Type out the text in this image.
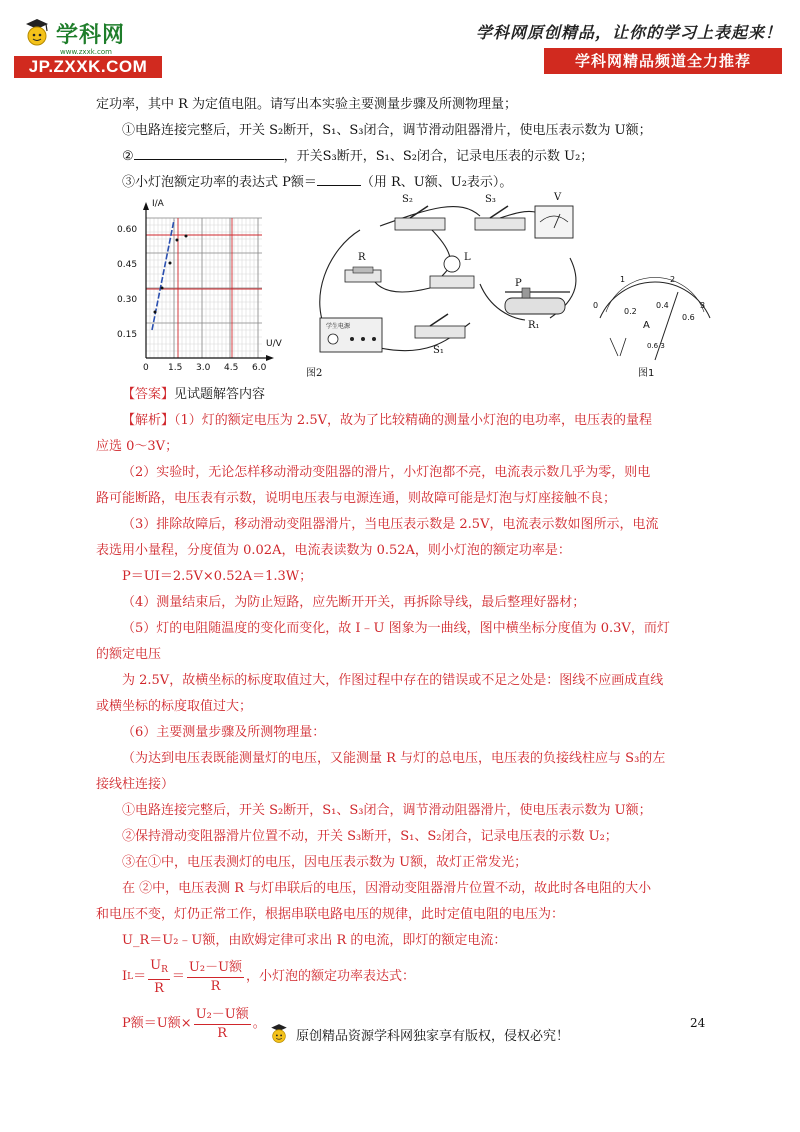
学科网
www.zxxk.com
JP.ZXXK.COM
学科网原创精品，让你的学习上表起来！
学科网精品频道全力推荐
定功率，其中 R 为定值电阻。请写出本实验主要测量步骤及所测物理量；
①电路连接完整后，开关 S₂断开，S₁、S₃闭合，调节滑动阻器滑片，使电压表示数为 U额；
②	，开关S₃断开，S₁、S₂闭合，记录电压表的示数 U₂；
③小灯泡额定功率的表达式 P额＝	（用 R、U额、U₂表示）。
【答案】见试题解答内容
【解析】（1）灯的额定电压为 2.5V，故为了比较精确的测量小灯泡的电功率，电压表的量程
应选 0～3V；
（2）实验时，无论怎样移动滑动变阻器的滑片，小灯泡都不亮，电流表示数几乎为零，则电
路可能断路，电压表有示数，说明电压表与电源连通，则故障可能是灯泡与灯座接触不良；
（3）排除故障后，移动滑动变阻器滑片，当电压表示数是 2.5V，电流表示数如图所示，电流
表选用小量程，分度值为 0.02A，电流表读数为 0.52A，则小灯泡的额定功率是：
P＝UI＝2.5V×0.52A＝1.3W；
（4）测量结束后，为防止短路，应先断开开关，再拆除导线，最后整理好器材；
（5）灯的电阻随温度的变化而变化，故 I﹣U 图象为一曲线，图中横坐标分度值为 0.3V，而灯
的额定电压
为 2.5V，故横坐标的标度取值过大，作图过程中存在的错误或不足之处是：图线不应画成直线
或横坐标的标度取值过大；
（6）主要测量步骤及所测物理量：
（为达到电压表既能测量灯的电压，又能测量 R 与灯的总电压，电压表的负接线柱应与 S₃的左
接线柱连接）
①电路连接完整后，开关 S₂断开，S₁、S₃闭合，调节滑动阻器滑片，使电压表示数为 U额；
②保持滑动变阻器滑片位置不动，开关 S₃断开，S₁、S₂闭合，记录电压表的示数 U₂；
③在①中，电压表测灯的电压，因电压表示数为 U额，故灯正常发光；
在 ②中，电压表测 R 与灯串联后的电压，因滑动变阻器滑片位置不动，故此时各电阻的大小
和电压不变，灯仍正常工作，根据串联电路电压的规律，此时定值电阻的电压为：
U_R＝U₂﹣U额，由欧姆定律可求出 R 的电流，即灯的额定电流：
I $L = \frac{U_R}{R} = \frac{\text{U₂－U额}}{R}$ ，小灯泡的额定功率表达式：
P额＝U额× $\frac{\text{U₂－U额}}{R}$ 。
I/A
U/V
0.60
0.45
0.30
0.15
0 1.5 3.0 4.5 6.0
S₂	S₃	V
R	L
P
R₁
学生电源
S₁
图2
0
1	2
3
0.2
0.4
0.6
A
0.6 3
图1
24
原创精品资源学科网独家享有版权，侵权必究！
